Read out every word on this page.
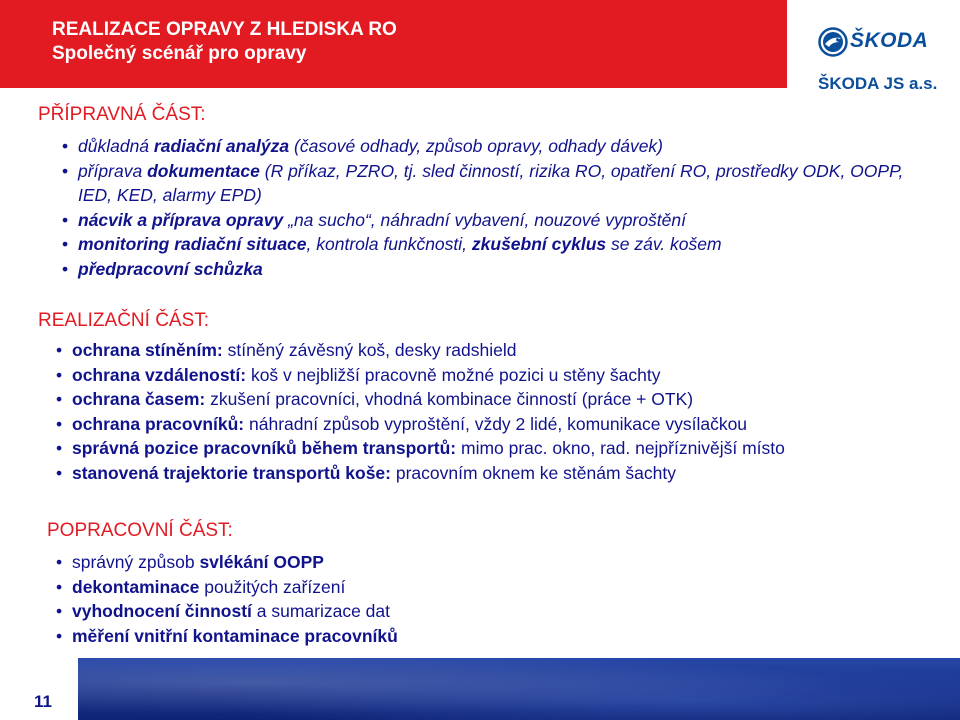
REALIZACE OPRAVY Z HLEDISKA RO
Společný scénář pro opravy
ŠKODA
ŠKODA JS a.s.
PŘÍPRAVNÁ ČÁST:
• důkladná radiační analýza (časové odhady, způsob opravy, odhady dávek)
• příprava dokumentace (R příkaz, PZRO, tj. sled činností, rizika RO, opatření RO, prostředky ODK, OOPP, IED, KED, alarmy EPD)
• nácvik a příprava opravy „na sucho“, náhradní vybavení, nouzové vyproštění
• monitoring radiační situace, kontrola funkčnosti, zkušební cyklus se záv. košem
• předpracovní schůzka
REALIZAČNÍ ČÁST:
• ochrana stíněním: stíněný závěsný koš, desky radshield
• ochrana vzdáleností: koš v nejbližší pracovně možné pozici u stěny šachty
• ochrana časem: zkušení pracovníci, vhodná kombinace činností (práce + OTK)
• ochrana pracovníků: náhradní způsob vyproštění, vždy 2 lidé, komunikace vysílačkou
• správná pozice pracovníků během transportů: mimo prac. okno, rad. nejpříznivější místo
• stanovená trajektorie transportů koše: pracovním oknem ke stěnám šachty
POPRACOVNÍ ČÁST:
• správný způsob svlékání OOPP
• dekontaminace použitých zařízení
• vyhodnocení činností a sumarizace dat
• měření vnitřní kontaminace pracovníků
11
